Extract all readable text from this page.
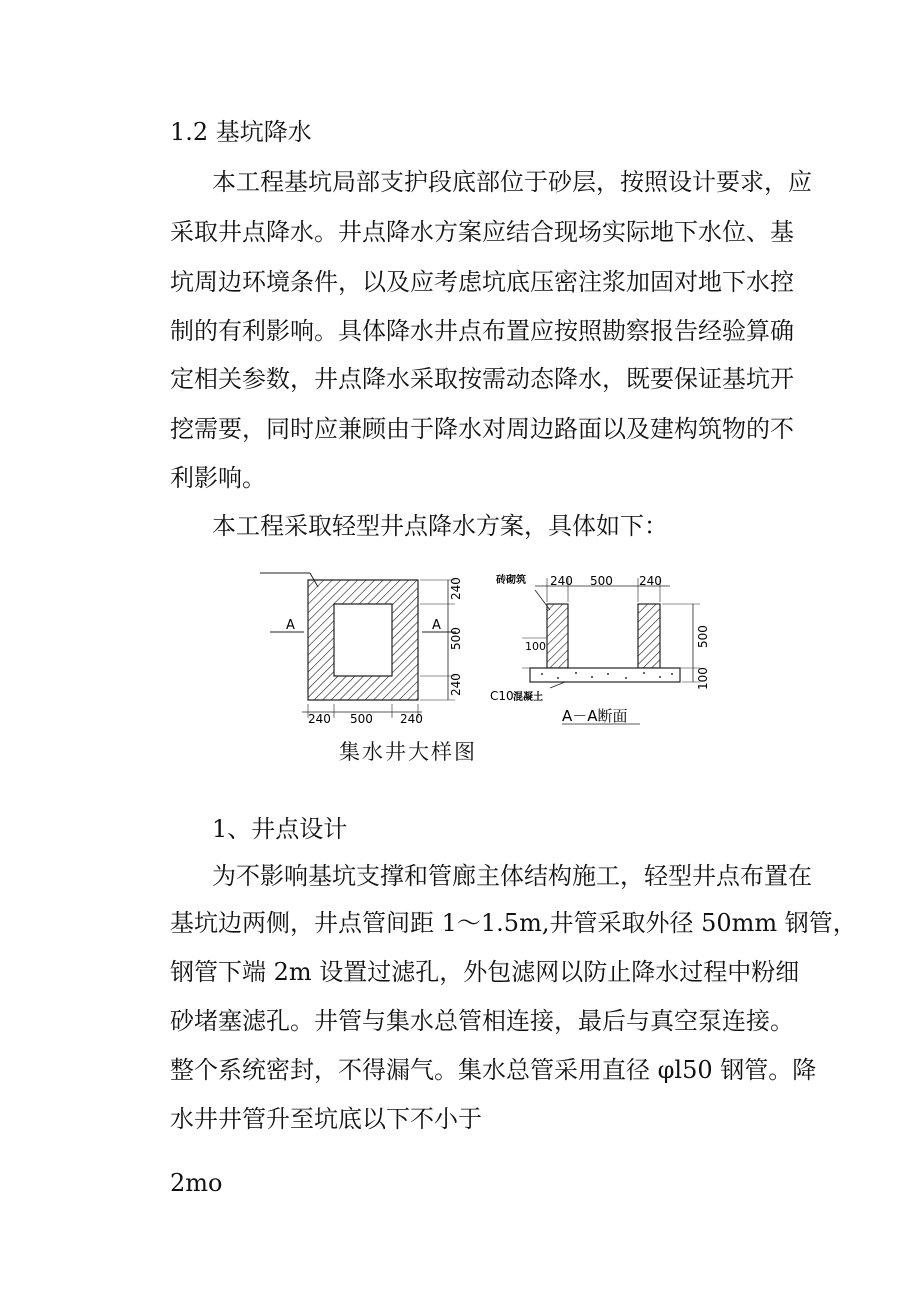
1.2 基坑降水
本工程基坑局部支护段底部位于砂层，按照设计要求，应
采取井点降水。井点降水方案应结合现场实际地下水位、基
坑周边环境条件，以及应考虑坑底压密注浆加固对地下水控
制的有利影响。具体降水井点布置应按照勘察报告经验算确
定相关参数，井点降水采取按需动态降水，既要保证基坑开
挖需要，同时应兼顾由于降水对周边路面以及建构筑物的不
利影响。
本工程采取轻型井点降水方案，具体如下：
A	A
240
500
240
240 500 240
砖砌筑 240 500 240
100	500
100
C10 混凝土
A－A断面
集水井大样图
1、井点设计
为不影响基坑支撑和管廊主体结构施工，轻型井点布置在
基坑边两侧，井点管间距 1～1.5m,井管采取外径 50mm 钢管，
钢管下端 2m 设置过滤孔，外包滤网以防止降水过程中粉细
砂堵塞滤孔。井管与集水总管相连接，最后与真空泵连接。
整个系统密封，不得漏气。集水总管采用直径 φl50 钢管。降
水井井管升至坑底以下不小于
2mo
